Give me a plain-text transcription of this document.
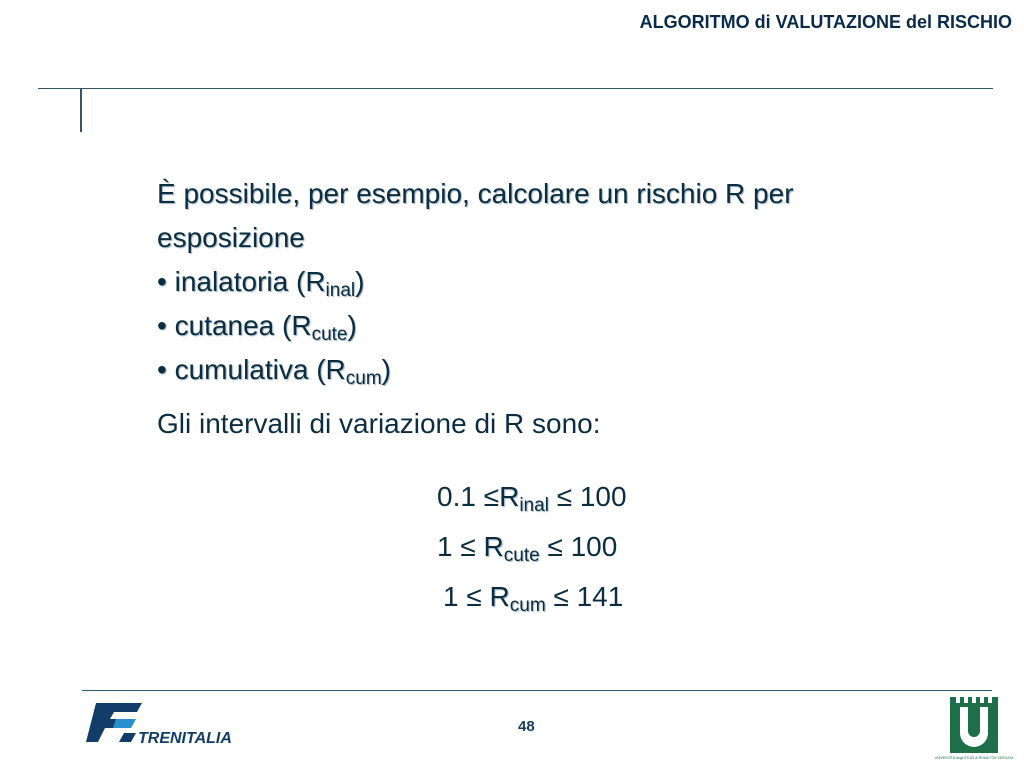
ALGORITMO di VALUTAZIONE del RISCHIO

È possibile, per esempio, calcolare un rischio R per
esposizione
• inalatoria $(R_{inal})$
• cutanea $(R_{cute})$
• cumulativa $(R_{cum})$

Gli intervalli di variazione di R sono:

$0.1 \le R_{inal} \le 100$
$1 \le R_{cute} \le 100$
$1 \le R_{cum} \le 141$
TRENITALIA
48
UNIVERSITÀ degli STUDI di ROMA TOR VERGATA
